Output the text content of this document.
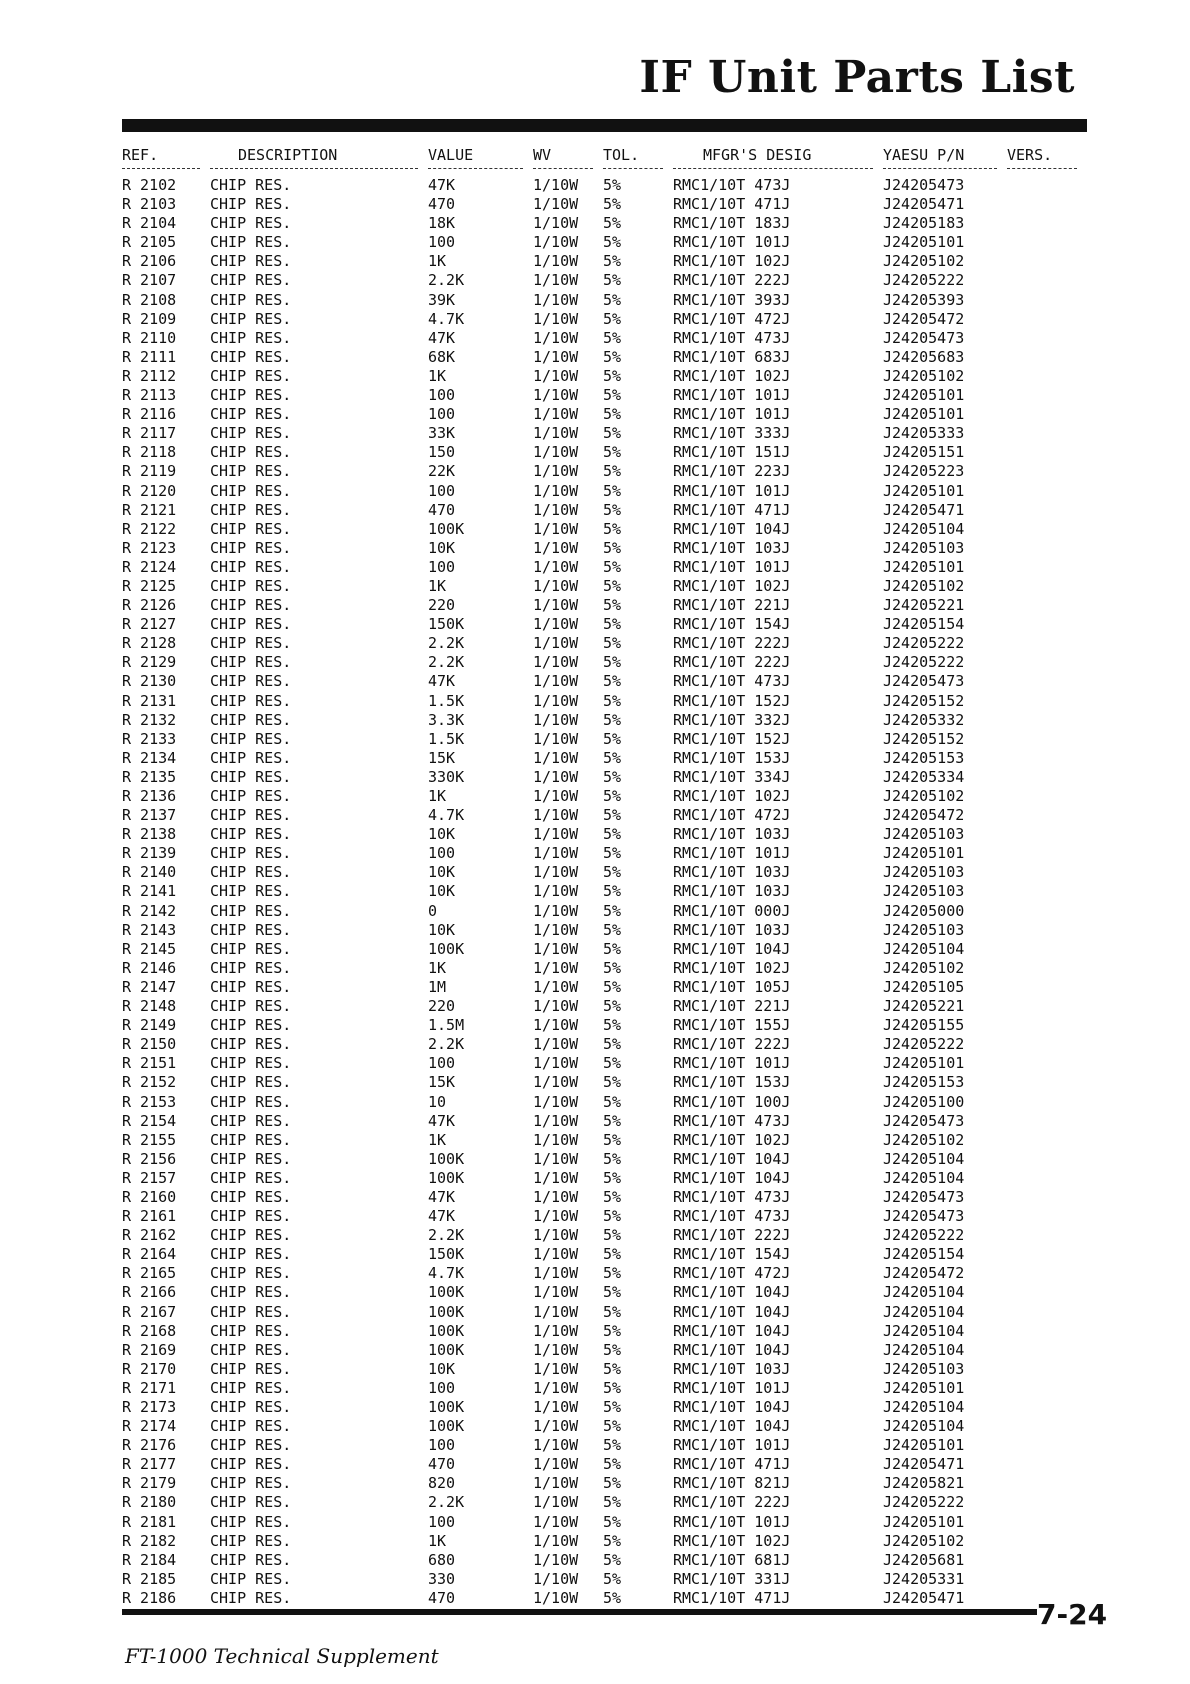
IF Unit Parts List
REF.	DESCRIPTION	VALUE	WV	TOL.	MFGR'S DESIG	YAESU P/N	VERS.

R 2102	CHIP RES.	47K	1/10W	5%	RMC1/10T 473J	J24205473	
R 2103	CHIP RES.	470	1/10W	5%	RMC1/10T 471J	J24205471	
R 2104	CHIP RES.	18K	1/10W	5%	RMC1/10T 183J	J24205183	
R 2105	CHIP RES.	100	1/10W	5%	RMC1/10T 101J	J24205101	
R 2106	CHIP RES.	1K	1/10W	5%	RMC1/10T 102J	J24205102	
R 2107	CHIP RES.	2.2K	1/10W	5%	RMC1/10T 222J	J24205222	
R 2108	CHIP RES.	39K	1/10W	5%	RMC1/10T 393J	J24205393	
R 2109	CHIP RES.	4.7K	1/10W	5%	RMC1/10T 472J	J24205472	
R 2110	CHIP RES.	47K	1/10W	5%	RMC1/10T 473J	J24205473	
R 2111	CHIP RES.	68K	1/10W	5%	RMC1/10T 683J	J24205683	
R 2112	CHIP RES.	1K	1/10W	5%	RMC1/10T 102J	J24205102	
R 2113	CHIP RES.	100	1/10W	5%	RMC1/10T 101J	J24205101	
R 2116	CHIP RES.	100	1/10W	5%	RMC1/10T 101J	J24205101	
R 2117	CHIP RES.	33K	1/10W	5%	RMC1/10T 333J	J24205333	
R 2118	CHIP RES.	150	1/10W	5%	RMC1/10T 151J	J24205151	
R 2119	CHIP RES.	22K	1/10W	5%	RMC1/10T 223J	J24205223	
R 2120	CHIP RES.	100	1/10W	5%	RMC1/10T 101J	J24205101	
R 2121	CHIP RES.	470	1/10W	5%	RMC1/10T 471J	J24205471	
R 2122	CHIP RES.	100K	1/10W	5%	RMC1/10T 104J	J24205104	
R 2123	CHIP RES.	10K	1/10W	5%	RMC1/10T 103J	J24205103	
R 2124	CHIP RES.	100	1/10W	5%	RMC1/10T 101J	J24205101	
R 2125	CHIP RES.	1K	1/10W	5%	RMC1/10T 102J	J24205102	
R 2126	CHIP RES.	220	1/10W	5%	RMC1/10T 221J	J24205221	
R 2127	CHIP RES.	150K	1/10W	5%	RMC1/10T 154J	J24205154	
R 2128	CHIP RES.	2.2K	1/10W	5%	RMC1/10T 222J	J24205222	
R 2129	CHIP RES.	2.2K	1/10W	5%	RMC1/10T 222J	J24205222	
R 2130	CHIP RES.	47K	1/10W	5%	RMC1/10T 473J	J24205473	
R 2131	CHIP RES.	1.5K	1/10W	5%	RMC1/10T 152J	J24205152	
R 2132	CHIP RES.	3.3K	1/10W	5%	RMC1/10T 332J	J24205332	
R 2133	CHIP RES.	1.5K	1/10W	5%	RMC1/10T 152J	J24205152	
R 2134	CHIP RES.	15K	1/10W	5%	RMC1/10T 153J	J24205153	
R 2135	CHIP RES.	330K	1/10W	5%	RMC1/10T 334J	J24205334	
R 2136	CHIP RES.	1K	1/10W	5%	RMC1/10T 102J	J24205102	
R 2137	CHIP RES.	4.7K	1/10W	5%	RMC1/10T 472J	J24205472	
R 2138	CHIP RES.	10K	1/10W	5%	RMC1/10T 103J	J24205103	
R 2139	CHIP RES.	100	1/10W	5%	RMC1/10T 101J	J24205101	
R 2140	CHIP RES.	10K	1/10W	5%	RMC1/10T 103J	J24205103	
R 2141	CHIP RES.	10K	1/10W	5%	RMC1/10T 103J	J24205103	
R 2142	CHIP RES.	0	1/10W	5%	RMC1/10T 000J	J24205000	
R 2143	CHIP RES.	10K	1/10W	5%	RMC1/10T 103J	J24205103	
R 2145	CHIP RES.	100K	1/10W	5%	RMC1/10T 104J	J24205104	
R 2146	CHIP RES.	1K	1/10W	5%	RMC1/10T 102J	J24205102	
R 2147	CHIP RES.	1M	1/10W	5%	RMC1/10T 105J	J24205105	
R 2148	CHIP RES.	220	1/10W	5%	RMC1/10T 221J	J24205221	
R 2149	CHIP RES.	1.5M	1/10W	5%	RMC1/10T 155J	J24205155	
R 2150	CHIP RES.	2.2K	1/10W	5%	RMC1/10T 222J	J24205222	
R 2151	CHIP RES.	100	1/10W	5%	RMC1/10T 101J	J24205101	
R 2152	CHIP RES.	15K	1/10W	5%	RMC1/10T 153J	J24205153	
R 2153	CHIP RES.	10	1/10W	5%	RMC1/10T 100J	J24205100	
R 2154	CHIP RES.	47K	1/10W	5%	RMC1/10T 473J	J24205473	
R 2155	CHIP RES.	1K	1/10W	5%	RMC1/10T 102J	J24205102	
R 2156	CHIP RES.	100K	1/10W	5%	RMC1/10T 104J	J24205104	
R 2157	CHIP RES.	100K	1/10W	5%	RMC1/10T 104J	J24205104	
R 2160	CHIP RES.	47K	1/10W	5%	RMC1/10T 473J	J24205473	
R 2161	CHIP RES.	47K	1/10W	5%	RMC1/10T 473J	J24205473	
R 2162	CHIP RES.	2.2K	1/10W	5%	RMC1/10T 222J	J24205222	
R 2164	CHIP RES.	150K	1/10W	5%	RMC1/10T 154J	J24205154	
R 2165	CHIP RES.	4.7K	1/10W	5%	RMC1/10T 472J	J24205472	
R 2166	CHIP RES.	100K	1/10W	5%	RMC1/10T 104J	J24205104	
R 2167	CHIP RES.	100K	1/10W	5%	RMC1/10T 104J	J24205104	
R 2168	CHIP RES.	100K	1/10W	5%	RMC1/10T 104J	J24205104	
R 2169	CHIP RES.	100K	1/10W	5%	RMC1/10T 104J	J24205104	
R 2170	CHIP RES.	10K	1/10W	5%	RMC1/10T 103J	J24205103	
R 2171	CHIP RES.	100	1/10W	5%	RMC1/10T 101J	J24205101	
R 2173	CHIP RES.	100K	1/10W	5%	RMC1/10T 104J	J24205104	
R 2174	CHIP RES.	100K	1/10W	5%	RMC1/10T 104J	J24205104	
R 2176	CHIP RES.	100	1/10W	5%	RMC1/10T 101J	J24205101	
R 2177	CHIP RES.	470	1/10W	5%	RMC1/10T 471J	J24205471	
R 2179	CHIP RES.	820	1/10W	5%	RMC1/10T 821J	J24205821	
R 2180	CHIP RES.	2.2K	1/10W	5%	RMC1/10T 222J	J24205222	
R 2181	CHIP RES.	100	1/10W	5%	RMC1/10T 101J	J24205101	
R 2182	CHIP RES.	1K	1/10W	5%	RMC1/10T 102J	J24205102	
R 2184	CHIP RES.	680	1/10W	5%	RMC1/10T 681J	J24205681	
R 2185	CHIP RES.	330	1/10W	5%	RMC1/10T 331J	J24205331	
R 2186	CHIP RES.	470	1/10W	5%	RMC1/10T 471J	J24205471	
7-24
FT-1000 Technical Supplement
